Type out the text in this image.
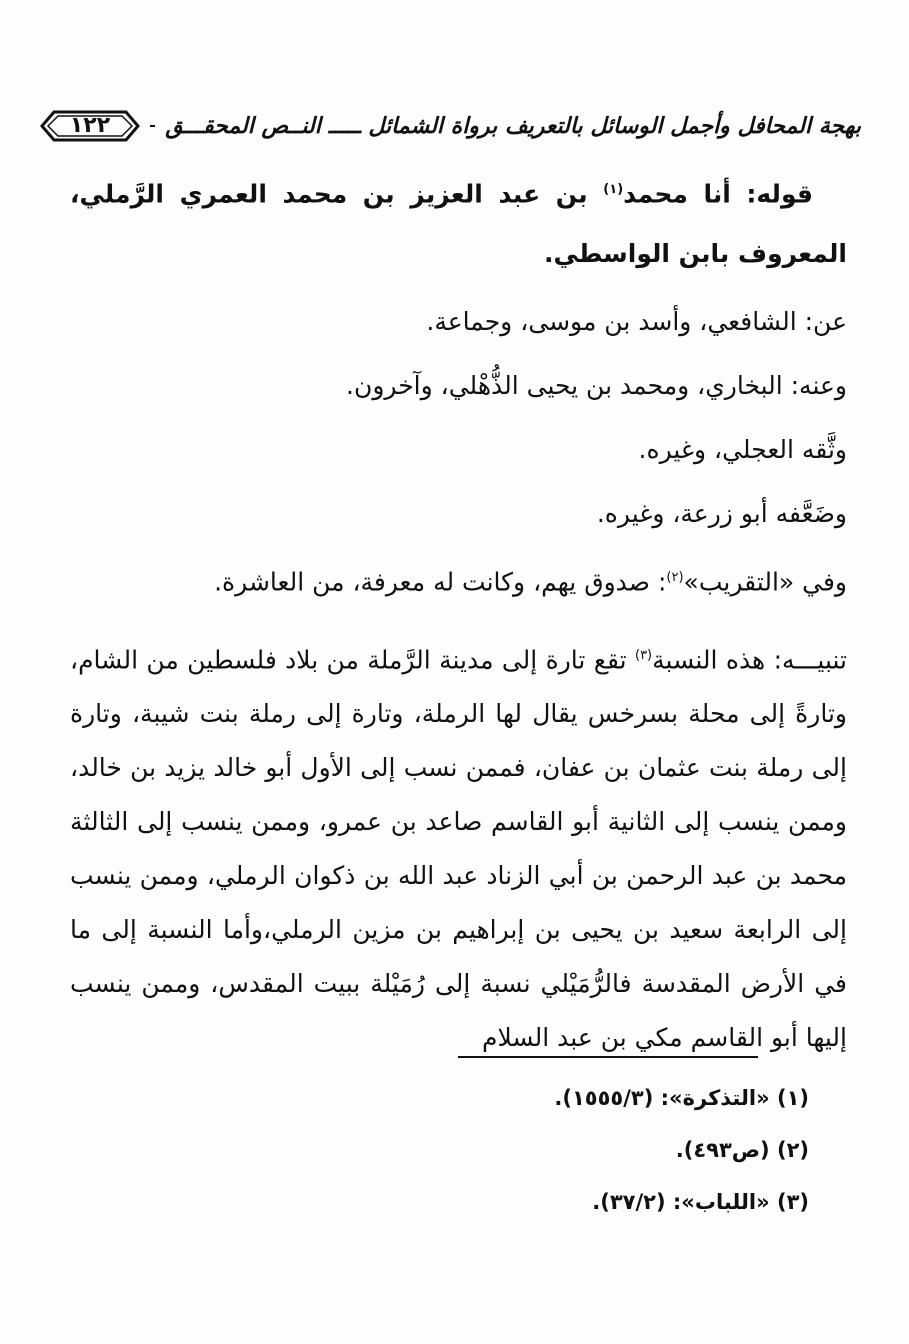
بهجة المحافل وأجمل الوسائل بالتعريف برواة الشمائل ـــــ النــص المحقـــق
١٢٢

قوله: أنا محمد$^{(١)}$ بن عبد العزيز بن محمد العمري الرَّملي، المعروف بابن الواسطي.

عن: الشافعي، وأسد بن موسى، وجماعة.

وعنه: البخاري، ومحمد بن يحيى الذُّهْلي، وآخرون.

وثَّقه العجلي، وغيره.

وضَعَّفه أبو زرعة، وغيره.

وفي «التقريب»$^{(٢)}$: صدوق يهم، وكانت له معرفة، من العاشرة.

تنبيـــه: هذه النسبة$^{(٣)}$ تقع تارة إلى مدينة الرَّملة من بلاد فلسطين من الشام، وتارةً إلى محلة بسرخس يقال لها الرملة، وتارة إلى رملة بنت شيبة، وتارة إلى رملة بنت عثمان بن عفان، فممن نسب إلى الأول أبو خالد يزيد بن خالد، وممن ينسب إلى الثانية أبو القاسم صاعد بن عمرو، وممن ينسب إلى الثالثة محمد بن عبد الرحمن بن أبي الزناد عبد الله بن ذكوان الرملي، وممن ينسب إلى الرابعة سعيد بن يحيى بن إبراهيم بن مزين الرملي،وأما النسبة إلى ما في الأرض المقدسة فالرُّمَيْلي نسبة إلى رُمَيْلة ببيت المقدس، وممن ينسب إليها أبو القاسم مكي بن عبد السلام

(١) «التذكرة»: (١٥٥٥/٣).

(٢) (ص٤٩٣).

(٣) «اللباب»: (٣٧/٢).
